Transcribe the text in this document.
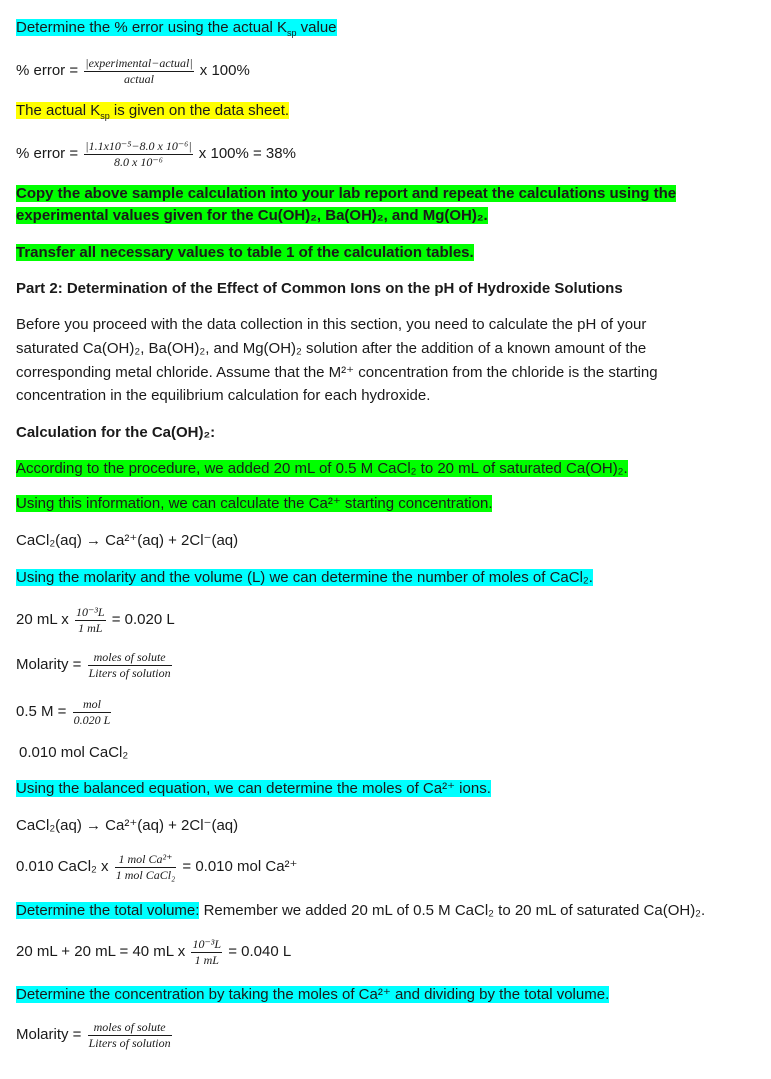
Determine the % error using the actual $K_{sp}$ value
% error = $\frac{\text{|experimental−actual|}}{\text{actual}}$ x 100%
The actual $K_{sp}$ is given on the data sheet.
% error = $\frac{\text{|1.1x10⁻⁵−8.0 x 10⁻⁶|}}{\text{8.0 x 10⁻⁶}}$ x 100% = 38%
Copy the above sample calculation into your lab report and repeat the calculations using the
experimental values given for the Cu(OH)₂, Ba(OH)₂, and Mg(OH)₂.
Transfer all necessary values to table 1 of the calculation tables.
Part 2: Determination of the Effect of Common Ions on the pH of Hydroxide Solutions
Before you proceed with the data collection in this section, you need to calculate the pH of your
saturated Ca(OH)₂, Ba(OH)₂, and Mg(OH)₂ solution after the addition of a known amount of the
corresponding metal chloride. Assume that the M²⁺ concentration from the chloride is the starting
concentration in the equilibrium calculation for each hydroxide.
Calculation for the Ca(OH)₂:
According to the procedure, we added 20 mL of 0.5 M CaCl₂ to 20 mL of saturated Ca(OH)₂.
Using this information, we can calculate the Ca²⁺ starting concentration.
CaCl₂(aq) → Ca²⁺(aq) + 2Cl⁻(aq)
Using the molarity and the volume (L) we can determine the number of moles of CaCl₂.
20 mL x $\frac{\text{10⁻³L}}{1 mL} = 0.020$ L
Molarity = $\frac{\text{moles of solute}}{\text{Liters of solution}}$
0.5 $M = \frac{\text{mol}}{0.020 L}$
0.010 mol CaCl₂
Using the balanced equation, we can determine the moles of Ca²⁺ ions.
CaCl₂(aq) → Ca²⁺(aq) + 2Cl⁻(aq)
0.010 CaCl₂ x $\frac{\text{1 mol Ca²⁺}}{\text{1 mol CaCl₂}} = 0.010$ mol Ca²⁺
Determine the total volume: Remember we added 20 mL of 0.5 M CaCl₂ to 20 mL of saturated Ca(OH)₂.
20 mL + 20 mL = 40 mL x $\frac{\text{10⁻³L}}{1 mL} = 0.040$ L
Determine the concentration by taking the moles of Ca²⁺ and dividing by the total volume.
Molarity = $\frac{\text{moles of solute}}{\text{Liters of solution}}$
